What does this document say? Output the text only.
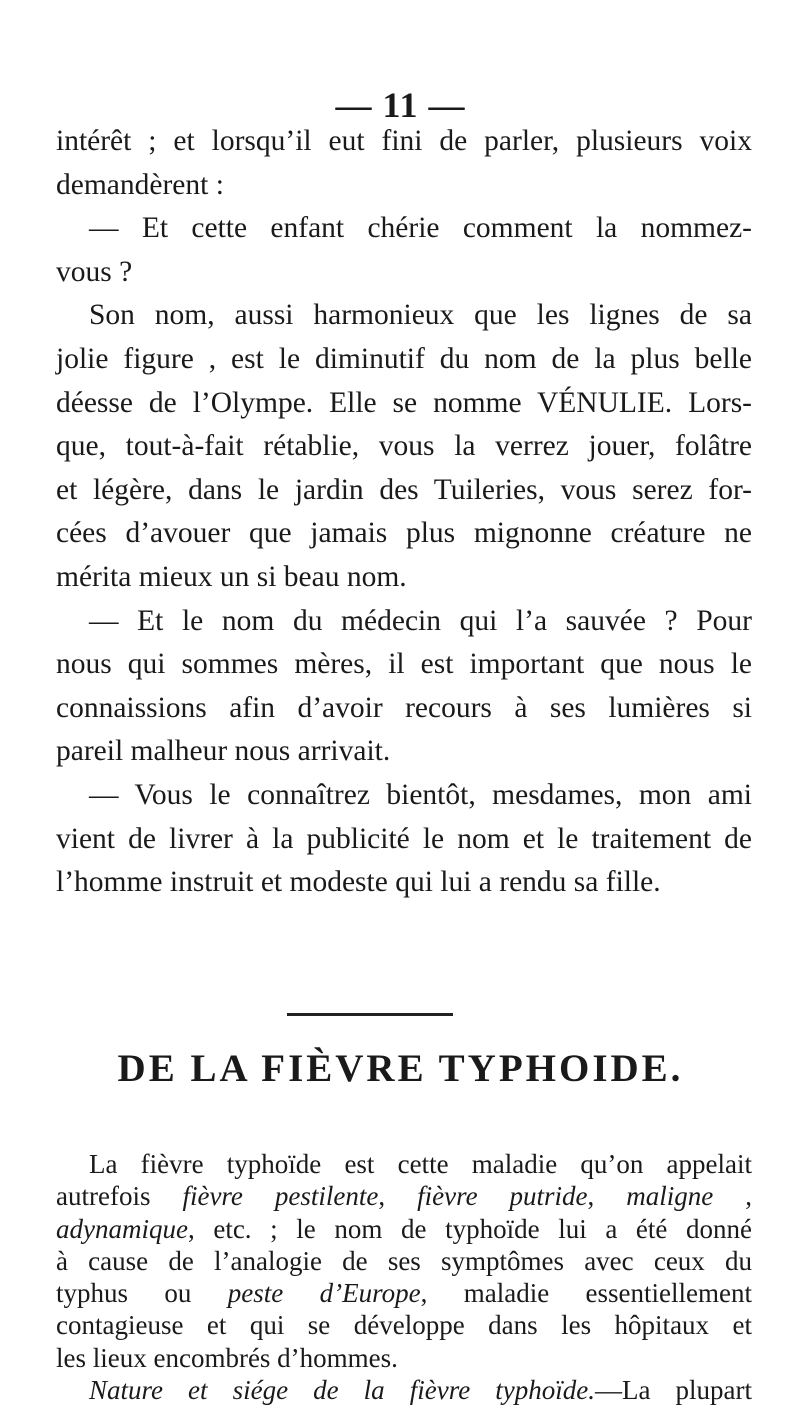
— 11 —
intérêt ; et lorsqu’il eut fini de parler, plusieurs voix
demandèrent :
— Et cette enfant chérie comment la nommez-
vous ?
Son nom, aussi harmonieux que les lignes de sa
jolie figure , est le diminutif du nom de la plus belle
déesse de l’Olympe. Elle se nomme VÉNULIE. Lors-
que, tout-à-fait rétablie, vous la verrez jouer, folâtre
et légère, dans le jardin des Tuileries, vous serez for-
cées d’avouer que jamais plus mignonne créature ne
mérita mieux un si beau nom.
— Et le nom du médecin qui l’a sauvée ? Pour
nous qui sommes mères, il est important que nous le
connaissions afin d’avoir recours à ses lumières si
pareil malheur nous arrivait.
— Vous le connaîtrez bientôt, mesdames, mon ami
vient de livrer à la publicité le nom et le traitement de
l’homme instruit et modeste qui lui a rendu sa fille.
DE LA FIÈVRE TYPHOIDE.
La fièvre typhoïde est cette maladie qu’on appelait
autrefois fièvre pestilente, fièvre putride, maligne ,
adynamique, etc. ; le nom de typhoïde lui a été donné
à cause de l’analogie de ses symptômes avec ceux du
typhus ou peste d’Europe, maladie essentiellement
contagieuse et qui se développe dans les hôpitaux et
les lieux encombrés d’hommes.
Nature et siége de la fièvre typhoïde.—La plupart
